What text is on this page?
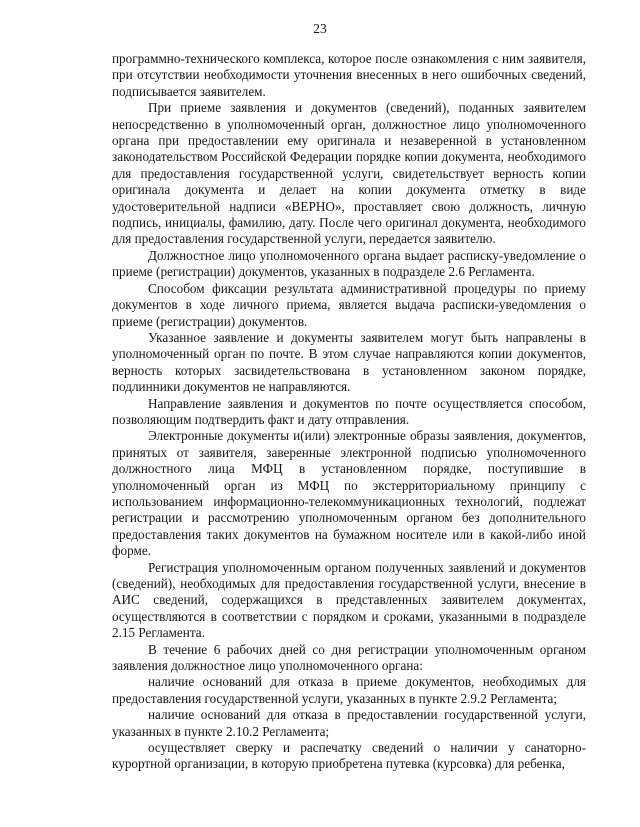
23

программно-технического комплекса, которое после ознакомления с ним заявителя, при отсутствии необходимости уточнения внесенных в него ошибочных сведений, подписывается заявителем.

При приеме заявления и документов (сведений), поданных заявителем непосредственно в уполномоченный орган, должностное лицо уполномоченного органа при предоставлении ему оригинала и незаверенной в установленном законодательством Российской Федерации порядке копии документа, необходимого для предоставления государственной услуги, свидетельствует верность копии оригинала документа и делает на копии документа отметку в виде удостоверительной надписи «ВЕРНО», проставляет свою должность, личную подпись, инициалы, фамилию, дату. После чего оригинал документа, необходимого для предоставления государственной услуги, передается заявителю.

Должностное лицо уполномоченного органа выдает расписку-уведомление о приеме (регистрации) документов, указанных в подразделе 2.6 Регламента.

Способом фиксации результата административной процедуры по приему документов в ходе личного приема, является выдача расписки-уведомления о приеме (регистрации) документов.

Указанное заявление и документы заявителем могут быть направлены в уполномоченный орган по почте. В этом случае направляются копии документов, верность которых засвидетельствована в установленном законом порядке, подлинники документов не направляются.

Направление заявления и документов по почте осуществляется способом, позволяющим подтвердить факт и дату отправления.

Электронные документы и(или) электронные образы заявления, документов, принятых от заявителя, заверенные электронной подписью уполномоченного должностного лица МФЦ в установленном порядке, поступившие в уполномоченный орган из МФЦ по экстерриториальному принципу с использованием информационно-телекоммуникационных технологий, подлежат регистрации и рассмотрению уполномоченным органом без дополнительного предоставления таких документов на бумажном носителе или в какой-либо иной форме.

Регистрация уполномоченным органом полученных заявлений и документов (сведений), необходимых для предоставления государственной услуги, внесение в АИС сведений, содержащихся в представленных заявителем документах, осуществляются в соответствии с порядком и сроками, указанными в подразделе 2.15 Регламента.

В течение 6 рабочих дней со дня регистрации уполномоченным органом заявления должностное лицо уполномоченного органа:

наличие оснований для отказа в приеме документов, необходимых для предоставления государственной услуги, указанных в пункте 2.9.2 Регламента;

наличие оснований для отказа в предоставлении государственной услуги, указанных в пункте 2.10.2 Регламента;

осуществляет сверку и распечатку сведений о наличии у санаторно-курортной организации, в которую приобретена путевка (курсовка) для ребенка,
